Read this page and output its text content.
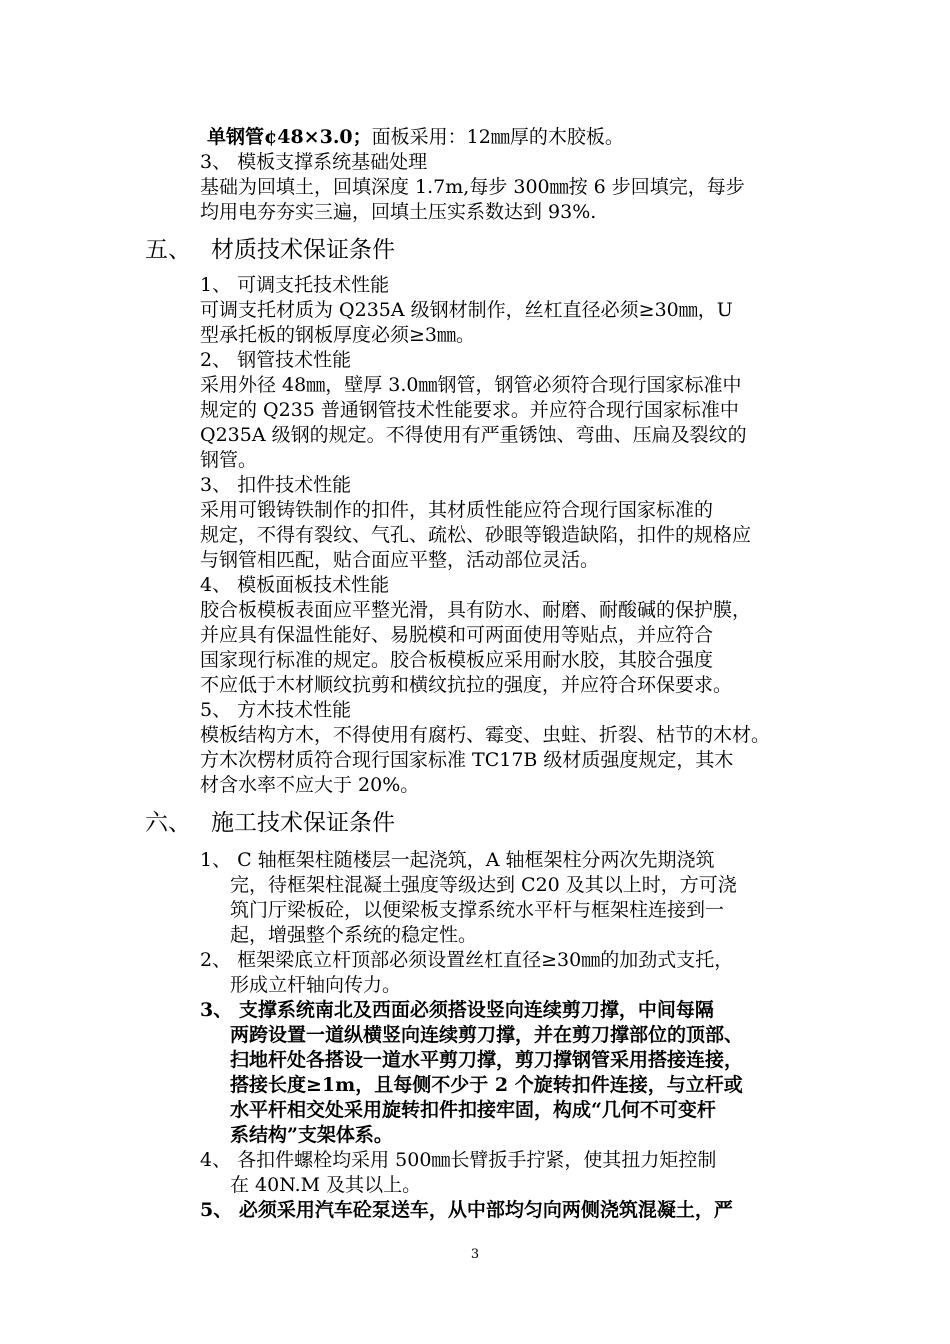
单钢管¢48×3.0；面板采用：12㎜厚的木胶板。
3、 模板支撑系统基础处理
基础为回填土，回填深度 1.7m,每步 300㎜按 6 步回填完，每步
均用电夯夯实三遍，回填土压实系数达到 93%.
五、 材质技术保证条件
1、 可调支托技术性能
可调支托材质为 Q235A 级钢材制作，丝杠直径必须≥30㎜，U
型承托板的钢板厚度必须≥3㎜。
2、 钢管技术性能
采用外径 48㎜，壁厚 3.0㎜钢管，钢管必须符合现行国家标准中
规定的 Q235 普通钢管技术性能要求。并应符合现行国家标准中
Q235A 级钢的规定。不得使用有严重锈蚀、弯曲、压扁及裂纹的
钢管。
3、 扣件技术性能
采用可锻铸铁制作的扣件，其材质性能应符合现行国家标准的
规定，不得有裂纹、气孔、疏松、砂眼等锻造缺陷，扣件的规格应
与钢管相匹配，贴合面应平整，活动部位灵活。
4、 模板面板技术性能
胶合板模板表面应平整光滑，具有防水、耐磨、耐酸碱的保护膜，
并应具有保温性能好、易脱模和可两面使用等贴点，并应符合
国家现行标准的规定。胶合板模板应采用耐水胶，其胶合强度
不应低于木材顺纹抗剪和横纹抗拉的强度，并应符合环保要求。
5、 方木技术性能
模板结构方木，不得使用有腐朽、霉变、虫蛀、折裂、枯节的木材。
方木次楞材质符合现行国家标准 TC17B 级材质强度规定，其木
材含水率不应大于 20%。
六、 施工技术保证条件
1、 C 轴框架柱随楼层一起浇筑，A 轴框架柱分两次先期浇筑
完，待框架柱混凝土强度等级达到 C20 及其以上时，方可浇
筑门厅梁板砼，以便梁板支撑系统水平杆与框架柱连接到一
起，增强整个系统的稳定性。
2、 框架梁底立杆顶部必须设置丝杠直径≥30㎜的加劲式支托，
形成立杆轴向传力。
3、 支撑系统南北及西面必须搭设竖向连续剪刀撑，中间每隔
两跨设置一道纵横竖向连续剪刀撑，并在剪刀撑部位的顶部、
扫地杆处各搭设一道水平剪刀撑，剪刀撑钢管采用搭接连接，
搭接长度≥1m，且每侧不少于 2 个旋转扣件连接，与立杆或
水平杆相交处采用旋转扣件扣接牢固，构成“几何不可变杆
系结构”支架体系。
4、 各扣件螺栓均采用 500㎜长臂扳手拧紧，使其扭力矩控制
在 40N.M 及其以上。
5、 必须采用汽车砼泵送车，从中部均匀向两侧浇筑混凝土，严
3
